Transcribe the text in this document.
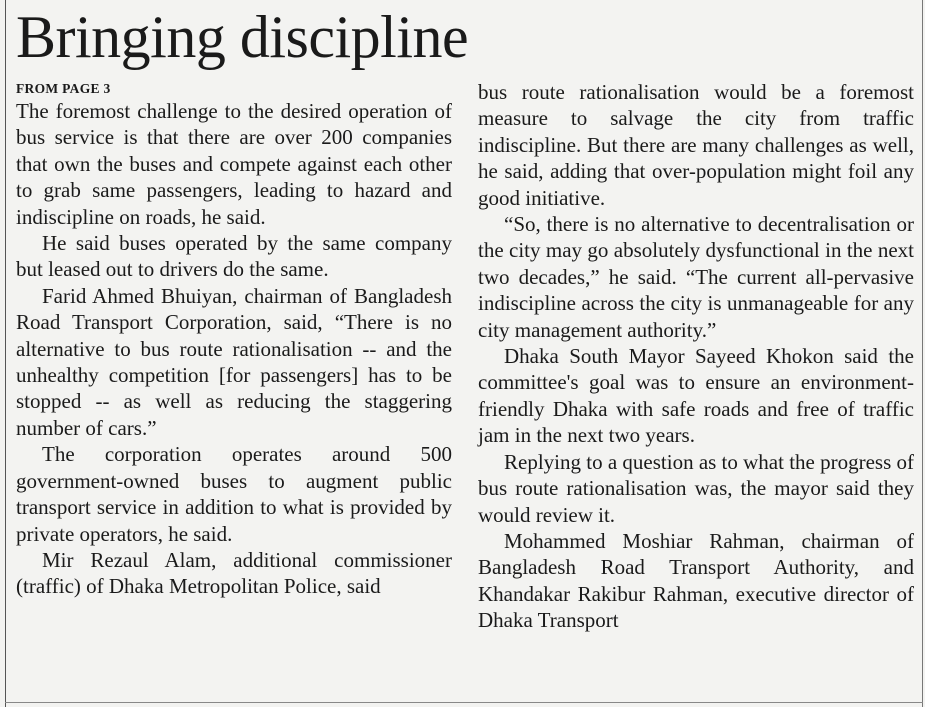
Bringing discipline
FROM PAGE 3

The foremost challenge to the desired operation of bus service is that there are over 200 companies that own the buses and compete against each other to grab same passengers, leading to hazard and indiscipline on roads, he said.

He said buses operated by the same company but leased out to drivers do the same.

Farid Ahmed Bhuiyan, chairman of Bangladesh Road Transport Corporation, said, “There is no alternative to bus route rationalisation -- and the unhealthy competition [for passengers] has to be stopped -- as well as reducing the staggering number of cars.”

The corporation operates around 500 government-owned buses to augment public transport service in addition to what is provided by private operators, he said.

Mir Rezaul Alam, additional commissioner (traffic) of Dhaka Metropolitan Police, said

bus route rationalisation would be a foremost measure to salvage the city from traffic indiscipline. But there are many challenges as well, he said, adding that over-population might foil any good initiative.

“So, there is no alternative to decentralisation or the city may go absolutely dysfunctional in the next two decades,” he said. “The current all-pervasive indiscipline across the city is unmanageable for any city management authority.”

Dhaka South Mayor Sayeed Khokon said the committee's goal was to ensure an environment-friendly Dhaka with safe roads and free of traffic jam in the next two years.

Replying to a question as to what the progress of bus route rationalisation was, the mayor said they would review it.

Mohammed Moshiar Rahman, chairman of Bangladesh Road Transport Authority, and Khandakar Rakibur Rahman, executive director of Dhaka Transport
